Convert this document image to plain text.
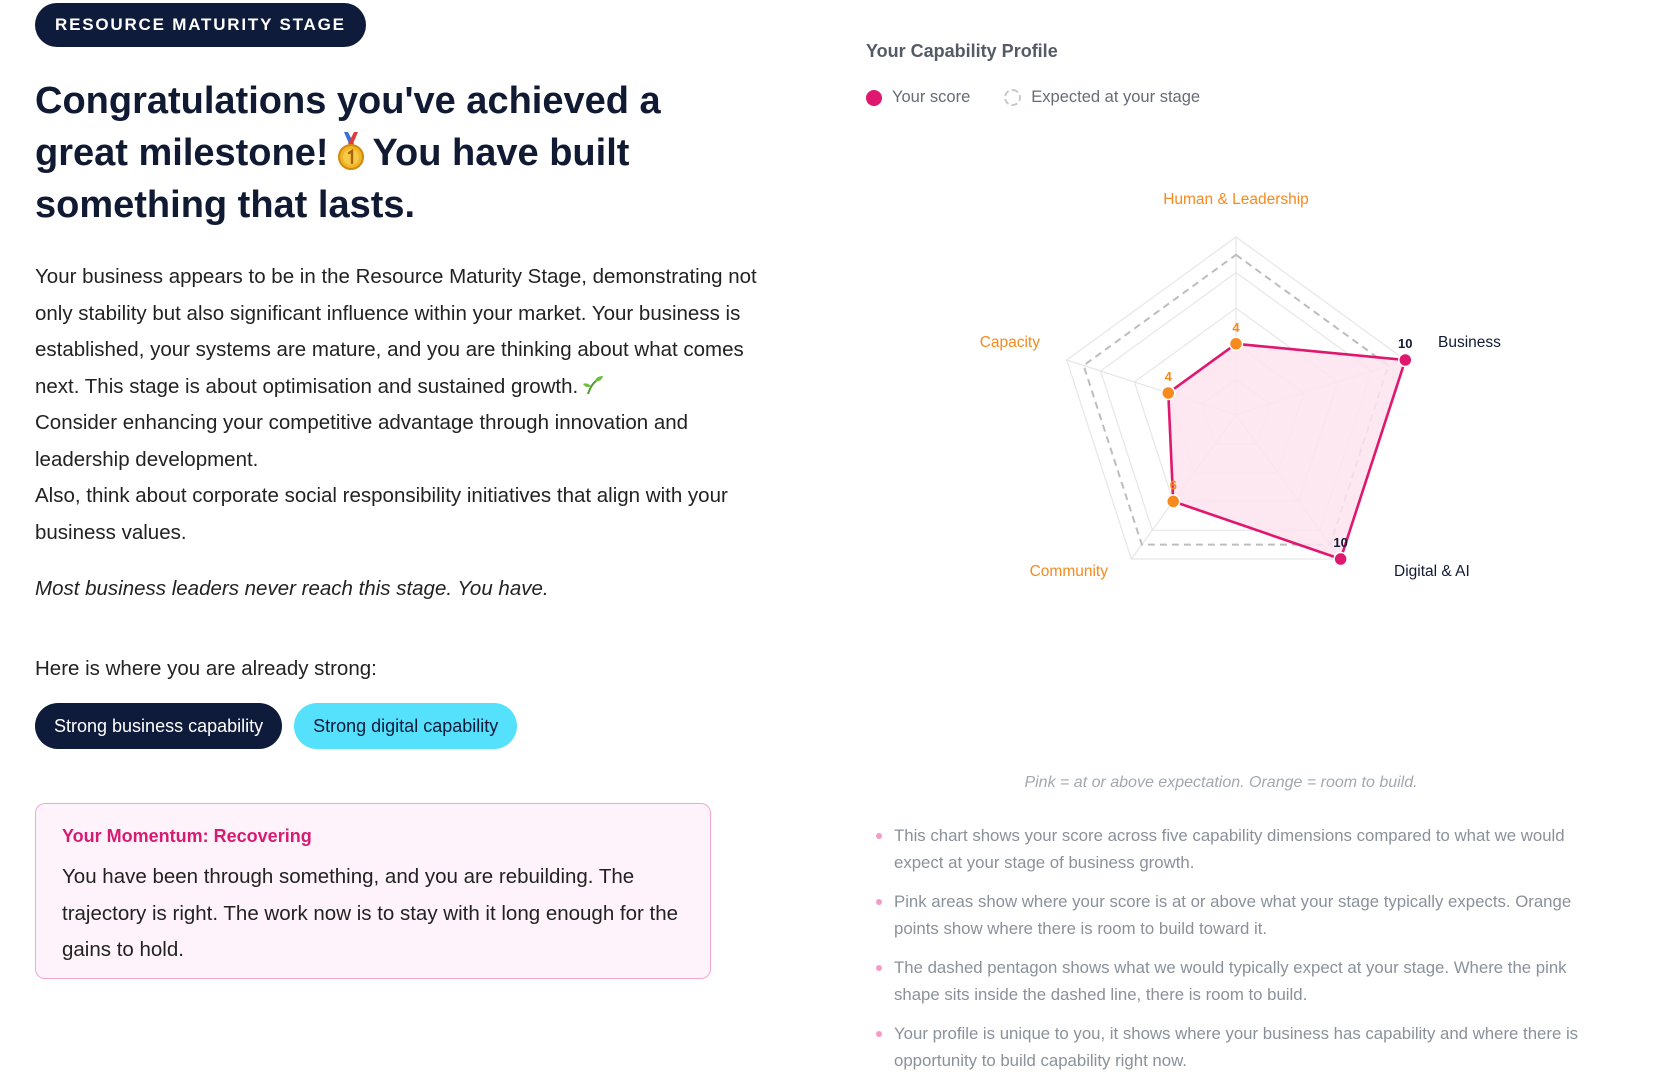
RESOURCE MATURITY STAGE
Congratulations you've achieved a great milestone! You have built something that lasts.

Your business appears to be in the Resource Maturity Stage, demonstrating not only stability but also significant influence within your market. Your business is established, your systems are mature, and you are thinking about what comes next. This stage is about optimisation and sustained growth.

Consider enhancing your competitive advantage through innovation and leadership development.

Also, think about corporate social responsibility initiatives that align with your business values.

Most business leaders never reach this stage. You have.
Here is where you are already strong:
Strong business capability	Strong digital capability
Your Momentum: Recovering
You have been through something, and you are rebuilding. The trajectory is right. The work now is to stay with it long enough for the gains to hold.
Your Capability Profile
Your score	Expected at your stage
4
10
10
6
4
Human & Leadership
Business
Digital & AI
Community
Capacity
Pink = at or above expectation. Orange = room to build.
This chart shows your score across five capability dimensions compared to what we would expect at your stage of business growth.
Pink areas show where your score is at or above what your stage typically expects. Orange points show where there is room to build toward it.
The dashed pentagon shows what we would typically expect at your stage. Where the pink shape sits inside the dashed line, there is room to build.
Your profile is unique to you, it shows where your business has capability and where there is opportunity to build capability right now.
